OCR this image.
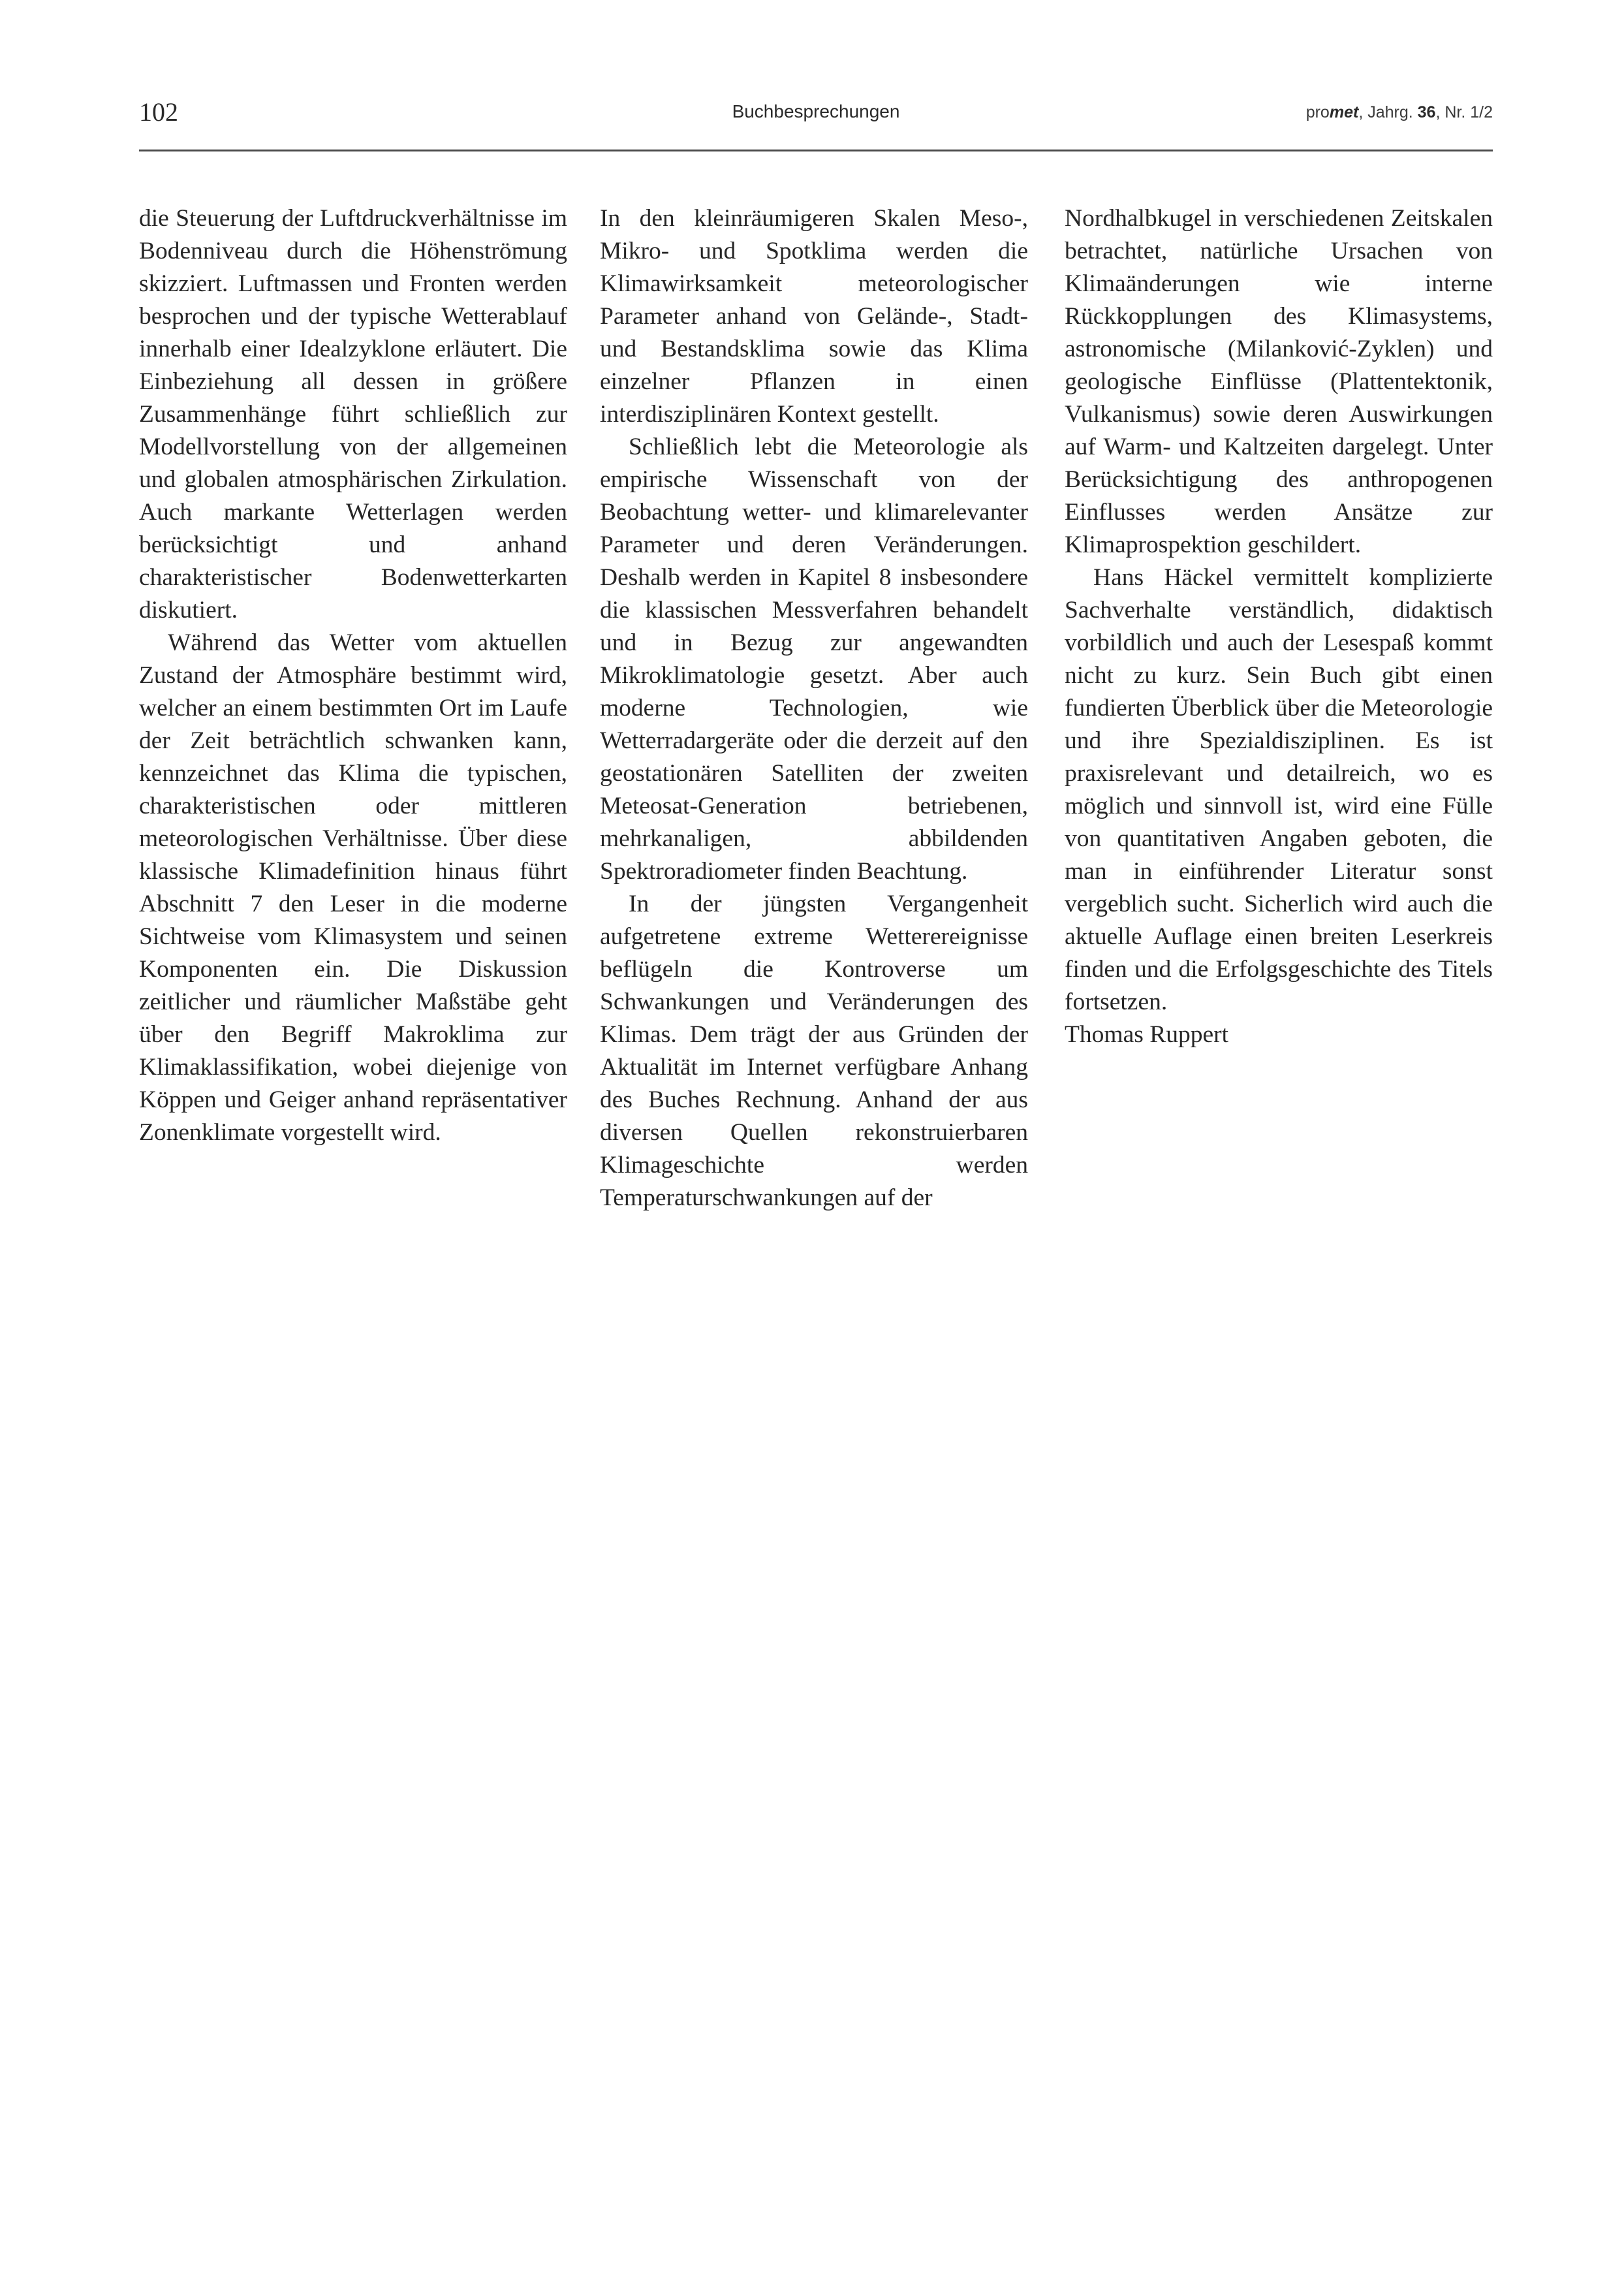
102	Buchbesprechungen	promet, Jahrg. 36, Nr. 1/2

die Steuerung der Luftdruckverhältnisse im Bodenniveau durch die Höhenströmung skizziert. Luftmassen und Fronten werden besprochen und der typische Wetterablauf innerhalb einer Idealzyklone erläutert. Die Einbeziehung all dessen in größere Zusammenhänge führt schließlich zur Modellvorstellung von der allgemeinen und globalen atmosphärischen Zirkulation. Auch markante Wetterlagen werden berücksichtigt und anhand charakteristischer Bodenwetterkarten diskutiert.

Während das Wetter vom aktuellen Zustand der Atmosphäre bestimmt wird, welcher an einem bestimmten Ort im Laufe der Zeit beträchtlich schwanken kann, kennzeichnet das Klima die typischen, charakteristischen oder mittleren meteorologischen Verhältnisse. Über diese klassische Klimadefinition hinaus führt Abschnitt 7 den Leser in die moderne Sichtweise vom Klimasystem und seinen Komponenten ein. Die Diskussion zeitlicher und räumlicher Maßstäbe geht über den Begriff Makroklima zur Klimaklassifikation, wobei diejenige von Köppen und Geiger anhand repräsentativer Zonenklimate vorgestellt wird.

In den kleinräumigeren Skalen Meso-, Mikro- und Spotklima werden die Klimawirksamkeit meteorologischer Parameter anhand von Gelände-, Stadt- und Bestandsklima sowie das Klima einzelner Pflanzen in einen interdisziplinären Kontext gestellt.

Schließlich lebt die Meteorologie als empirische Wissenschaft von der Beobachtung wetter- und klimarelevanter Parameter und deren Veränderungen. Deshalb werden in Kapitel 8 insbesondere die klassischen Messverfahren behandelt und in Bezug zur angewandten Mikroklimatologie gesetzt. Aber auch moderne Technologien, wie Wetterradargeräte oder die derzeit auf den geostationären Satelliten der zweiten Meteosat-Generation betriebenen, mehrkanaligen, abbildenden Spektroradiometer finden Beachtung.

In der jüngsten Vergangenheit aufgetretene extreme Wetterereignisse beflügeln die Kontroverse um Schwankungen und Veränderungen des Klimas. Dem trägt der aus Gründen der Aktualität im Internet verfügbare Anhang des Buches Rechnung. Anhand der aus diversen Quellen rekonstruierbaren Klimageschichte werden Temperaturschwankungen auf der

Nordhalbkugel in verschiedenen Zeitskalen betrachtet, natürliche Ursachen von Klimaänderungen wie interne Rückkopplungen des Klimasystems, astronomische (Milanković-Zyklen) und geologische Einflüsse (Plattentektonik, Vulkanismus) sowie deren Auswirkungen auf Warm- und Kaltzeiten dargelegt. Unter Berücksichtigung des anthropogenen Einflusses werden Ansätze zur Klimaprospektion geschildert.

Hans Häckel vermittelt komplizierte Sachverhalte verständlich, didaktisch vorbildlich und auch der Lesespaß kommt nicht zu kurz. Sein Buch gibt einen fundierten Überblick über die Meteorologie und ihre Spezialdisziplinen. Es ist praxisrelevant und detailreich, wo es möglich und sinnvoll ist, wird eine Fülle von quantitativen Angaben geboten, die man in einführender Literatur sonst vergeblich sucht. Sicherlich wird auch die aktuelle Auflage einen breiten Leserkreis finden und die Erfolgsgeschichte des Titels fortsetzen.

Thomas Ruppert
